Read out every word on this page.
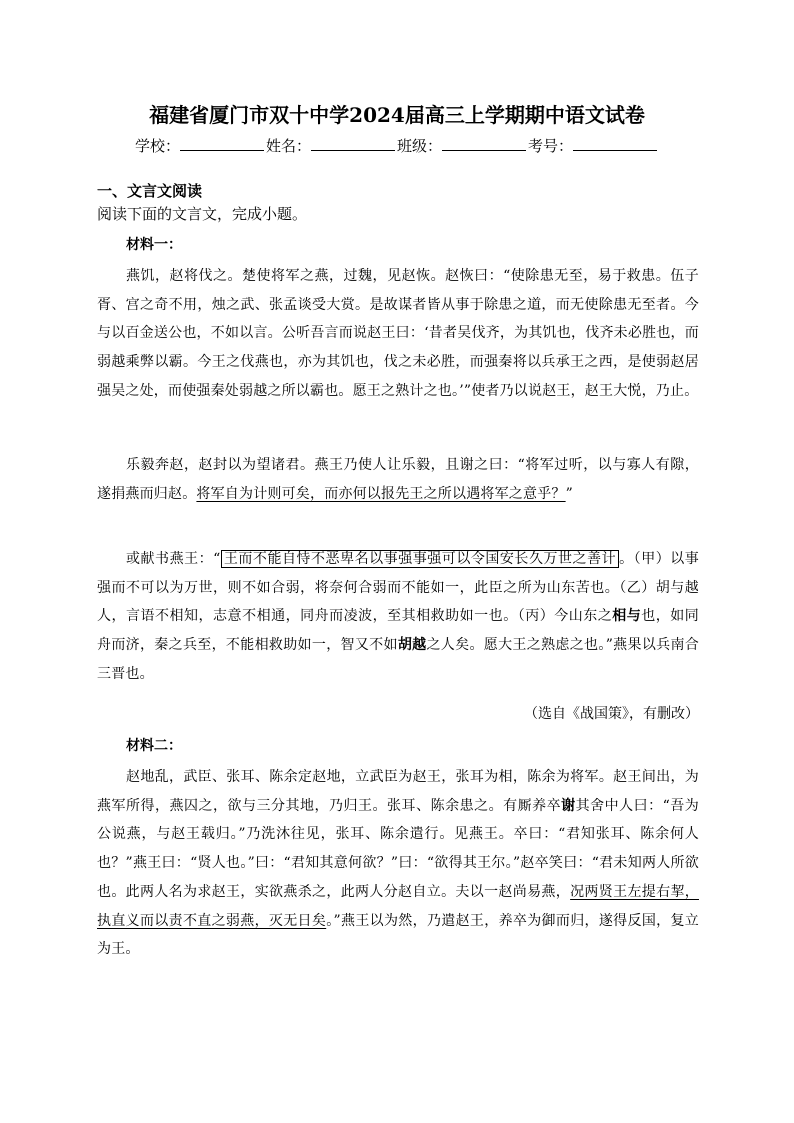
福建省厦门市双十中学2024届高三上学期期中语文试卷
学校：	姓名：	班级：	考号：
一、文言文阅读
阅读下面的文言文，完成小题。
材料一：
燕饥，赵将伐之。楚使将军之燕，过魏，见赵恢。赵恢曰：“使除患无至，易于救患。伍子胥、宫之奇不用，烛之武、张孟谈受大赏。是故谋者皆从事于除患之道，而无使除患无至者。今与以百金送公也，不如以言。公听吾言而说赵王曰：‘昔者吴伐齐，为其饥也，伐齐未必胜也，而弱越乘弊以霸。今王之伐燕也，亦为其饥也，伐之未必胜，而强秦将以兵承王之西，是使弱赵居强吴之处，而使强秦处弱越之所以霸也。愿王之熟计之也。’”使者乃以说赵王，赵王大悦，乃止。
乐毅奔赵，赵封以为望诸君。燕王乃使人让乐毅，且谢之曰：“将军过听，以与寡人有隙，遂捐燕而归赵。将军自为计则可矣，而亦何以报先王之所以遇将军之意乎？”
或献书燕王：“ 王而不能自恃不恶卑名以事强事强可以令国安长久万世之善计 。（甲）以事强而不可以为万世，则不如合弱，将奈何合弱而不能如一，此臣之所为山东苦也。（乙）胡与越人，言语不相知，志意不相通，同舟而凌波，至其相救助如一也。（丙）今山东之相与也，如同舟而济，秦之兵至，不能相救助如一，智又不如胡越之人矣。愿大王之熟虑之也。”燕果以兵南合三晋也。
（选自《战国策》，有删改）
材料二：
赵地乱，武臣、张耳、陈余定赵地，立武臣为赵王，张耳为相，陈余为将军。赵王间出，为燕军所得，燕囚之，欲与三分其地，乃归王。张耳、陈余患之。有厮养卒谢其舍中人曰：“吾为公说燕，与赵王载归。”乃洗沐往见，张耳、陈余遣行。见燕王。卒曰：“君知张耳、陈余何人也？”燕王曰：“贤人也。”曰：“君知其意何欲？”曰：“欲得其王尔。”赵卒笑曰：“君未知两人所欲也。此两人名为求赵王，实欲燕杀之，此两人分赵自立。夫以一赵尚易燕，况两贤王左提右挈，执直义而以责不直之弱燕，灭无日矣。”燕王以为然，乃遣赵王，养卒为御而归，遂得反国，复立为王。
